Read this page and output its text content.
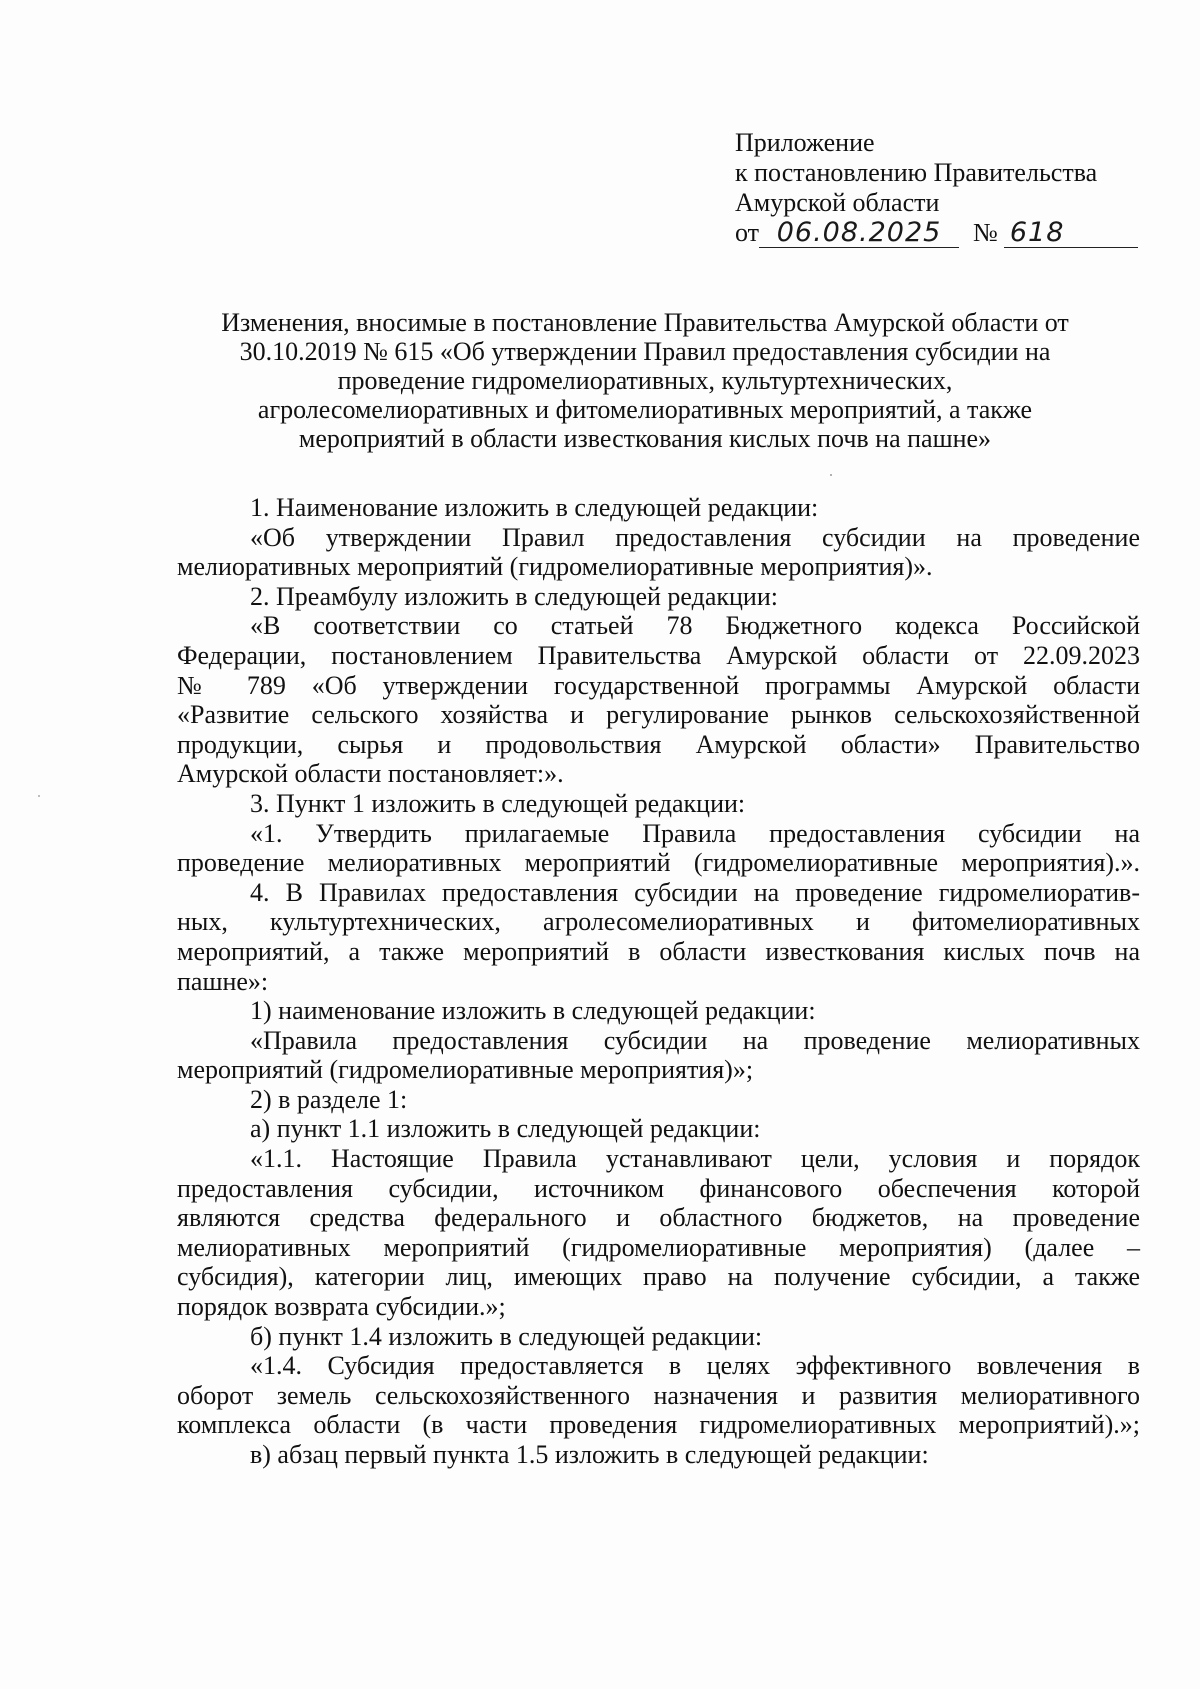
Приложение
к постановлению Правительства
Амурской области
от 06.08.2025	№ 618
Изменения, вносимые в постановление Правительства Амурской области от
30.10.2019 № 615 «Об утверждении Правил предоставления субсидии на
проведение гидромелиоративных, культуртехнических,
агролесомелиоративных и фитомелиоративных мероприятий, а также
мероприятий в области известкования кислых почв на пашне»
1. Наименование изложить в следующей редакции:
«Об утверждении Правил предоставления субсидии на проведение
мелиоративных мероприятий (гидромелиоративные мероприятия)».
2. Преамбулу изложить в следующей редакции:
«В соответствии со статьей 78 Бюджетного кодекса Российской
Федерации, постановлением Правительства Амурской области от 22.09.2023
№ 789 «Об утверждении государственной программы Амурской области
«Развитие сельского хозяйства и регулирование рынков сельскохозяйственной
продукции, сырья и продовольствия Амурской области» Правительство
Амурской области постановляет:».
3. Пункт 1 изложить в следующей редакции:
«1. Утвердить прилагаемые Правила предоставления субсидии на
проведение мелиоративных мероприятий (гидромелиоративные мероприятия).».
4. В Правилах предоставления субсидии на проведение гидромелиоратив-
ных, культуртехнических, агролесомелиоративных и фитомелиоративных
мероприятий, а также мероприятий в области известкования кислых почв на
пашне»:
1) наименование изложить в следующей редакции:
«Правила предоставления субсидии на проведение мелиоративных
мероприятий (гидромелиоративные мероприятия)»;
2) в разделе 1:
а) пункт 1.1 изложить в следующей редакции:
«1.1. Настоящие Правила устанавливают цели, условия и порядок
предоставления субсидии, источником финансового обеспечения которой
являются средства федерального и областного бюджетов, на проведение
мелиоративных мероприятий (гидромелиоративные мероприятия) (далее –
субсидия), категории лиц, имеющих право на получение субсидии, а также
порядок возврата субсидии.»;
б) пункт 1.4 изложить в следующей редакции:
«1.4. Субсидия предоставляется в целях эффективного вовлечения в
оборот земель сельскохозяйственного назначения и развития мелиоративного
комплекса области (в части проведения гидромелиоративных мероприятий).»;
в) абзац первый пункта 1.5 изложить в следующей редакции:
